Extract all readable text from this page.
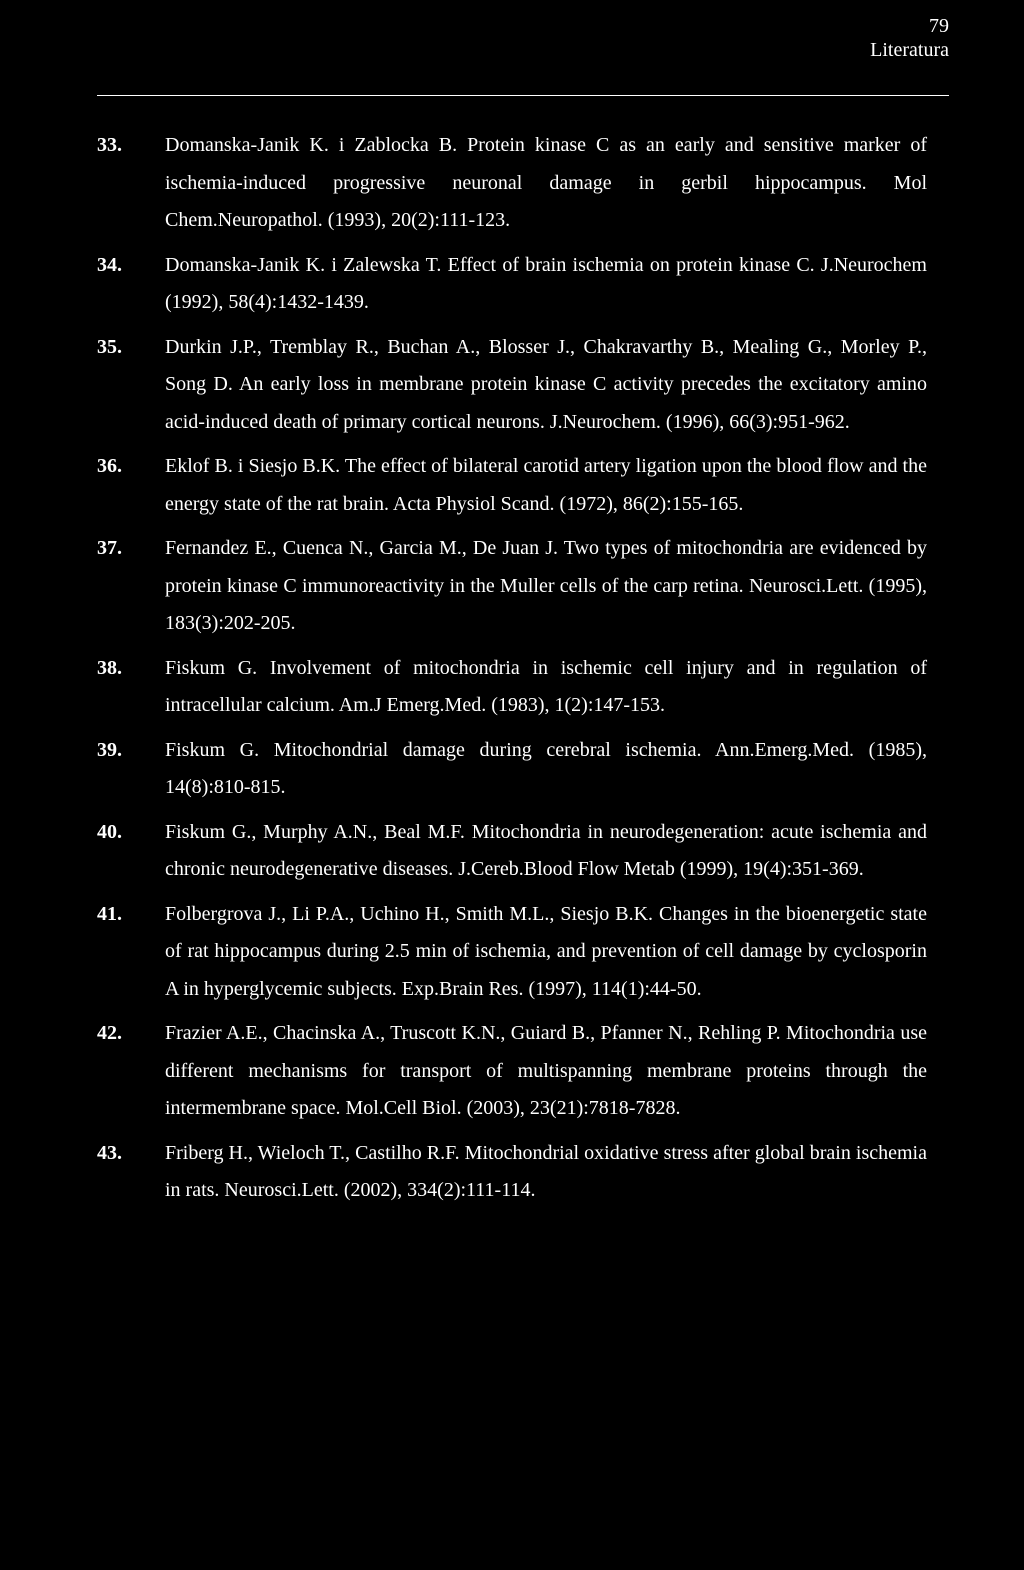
79
Literatura
33.	Domanska-Janik K. i Zablocka B. Protein kinase C as an early and sensitive marker of ischemia-induced progressive neuronal damage in gerbil hippocampus. Mol Chem.Neuropathol. (1993), 20(2):111-123.
34.	Domanska-Janik K. i Zalewska T. Effect of brain ischemia on protein kinase C. J.Neurochem (1992), 58(4):1432-1439.
35.	Durkin J.P., Tremblay R., Buchan A., Blosser J., Chakravarthy B., Mealing G., Morley P., Song D. An early loss in membrane protein kinase C activity precedes the excitatory amino acid-induced death of primary cortical neurons. J.Neurochem. (1996), 66(3):951-962.
36.	Eklof B. i Siesjo B.K. The effect of bilateral carotid artery ligation upon the blood flow and the energy state of the rat brain. Acta Physiol Scand. (1972), 86(2):155-165.
37.	Fernandez E., Cuenca N., Garcia M., De Juan J. Two types of mitochondria are evidenced by protein kinase C immunoreactivity in the Muller cells of the carp retina. Neurosci.Lett. (1995), 183(3):202-205.
38.	Fiskum G. Involvement of mitochondria in ischemic cell injury and in regulation of intracellular calcium. Am.J Emerg.Med. (1983), 1(2):147-153.
39.	Fiskum G. Mitochondrial damage during cerebral ischemia. Ann.Emerg.Med. (1985), 14(8):810-815.
40.	Fiskum G., Murphy A.N., Beal M.F. Mitochondria in neurodegeneration: acute ischemia and chronic neurodegenerative diseases. J.Cereb.Blood Flow Metab (1999), 19(4):351-369.
41.	Folbergrova J., Li P.A., Uchino H., Smith M.L., Siesjo B.K. Changes in the bioenergetic state of rat hippocampus during 2.5 min of ischemia, and prevention of cell damage by cyclosporin A in hyperglycemic subjects. Exp.Brain Res. (1997), 114(1):44-50.
42.	Frazier A.E., Chacinska A., Truscott K.N., Guiard B., Pfanner N., Rehling P. Mitochondria use different mechanisms for transport of multispanning membrane proteins through the intermembrane space. Mol.Cell Biol. (2003), 23(21):7818-7828.
43.	Friberg H., Wieloch T., Castilho R.F. Mitochondrial oxidative stress after global brain ischemia in rats. Neurosci.Lett. (2002), 334(2):111-114.
